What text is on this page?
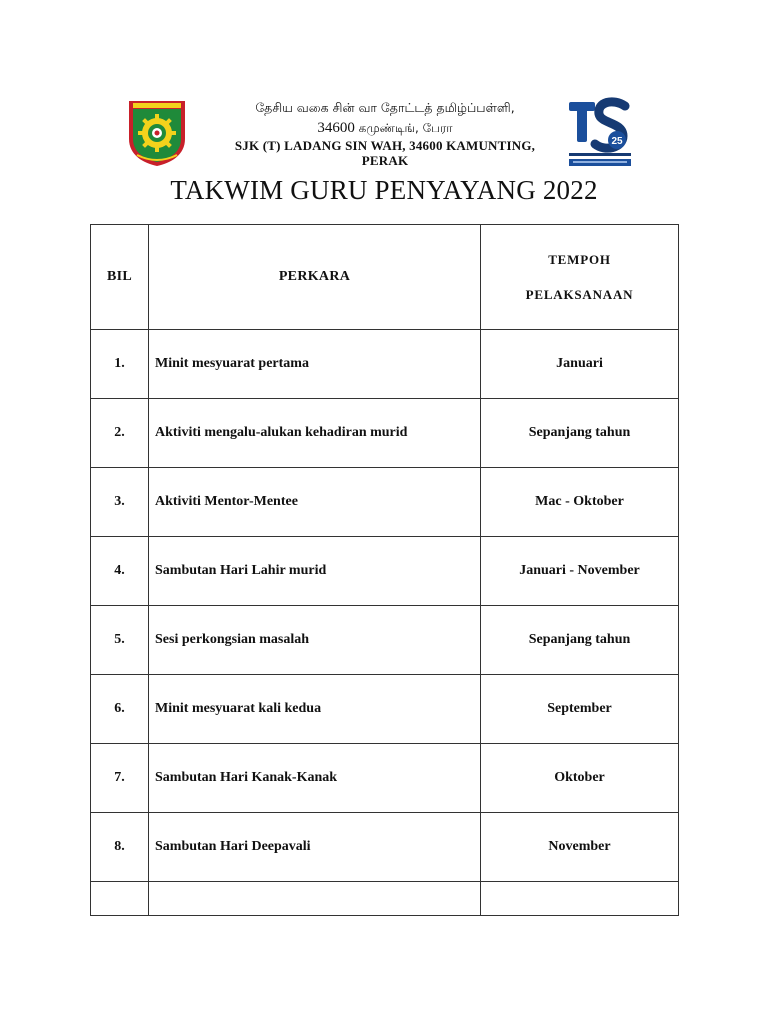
தேசிய வகை சின் வா தோட்டத் தமிழ்ப்பள்ளி,
34600 கமுண்டிங், பேரா
SJK (T) LADANG SIN WAH, 34600 KAMUNTING,
PERAK
25
TAKWIM GURU PENYAYANG 2022
BIL	PERKARA	TEMPOH
PELAKSANAAN

1.	Minit mesyuarat pertama	Januari
2.	Aktiviti mengalu-alukan kehadiran murid	Sepanjang tahun
3.	Aktiviti Mentor-Mentee	Mac - Oktober
4.	Sambutan Hari Lahir murid	Januari - November
5.	Sesi perkongsian masalah	Sepanjang tahun
6.	Minit mesyuarat kali kedua	September
7.	Sambutan Hari Kanak-Kanak	Oktober
8.	Sambutan Hari Deepavali	November
